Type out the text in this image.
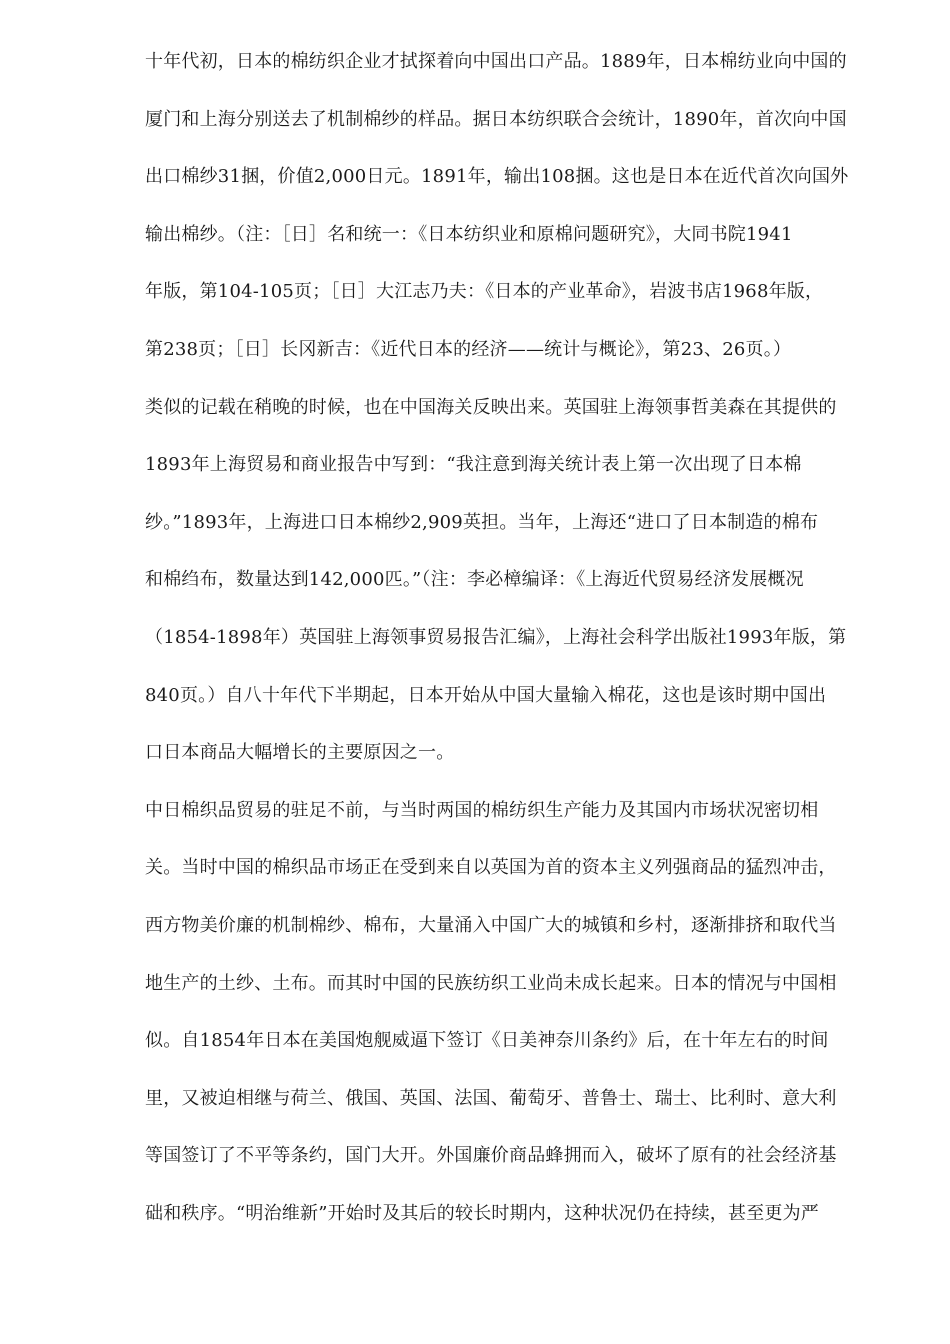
十年代初，日本的棉纺织企业才拭探着向中国出口产品。1889年，日本棉纺业向中国的
厦门和上海分别送去了机制棉纱的样品。据日本纺织联合会统计，1890年，首次向中国
出口棉纱31捆，价值2,000日元。1891年，输出108捆。这也是日本在近代首次向国外
输出棉纱。（注：［日］名和统一：《日本纺织业和原棉问题研究》，大同书院1941
年版，第104-105页；［日］大江志乃夫：《日本的产业革命》，岩波书店1968年版，
第238页；［日］长冈新吉：《近代日本的经济——统计与概论》，第23、26页。）
类似的记载在稍晚的时候，也在中国海关反映出来。英国驻上海领事哲美森在其提供的
1893年上海贸易和商业报告中写到：“我注意到海关统计表上第一次出现了日本棉
纱。”1893年，上海进口日本棉纱2,909英担。当年，上海还“进口了日本制造的棉布
和棉绉布，数量达到142,000匹。”（注：李必樟编译：《上海近代贸易经济发展概况
（1854-1898年）英国驻上海领事贸易报告汇编》，上海社会科学出版社1993年版，第
840页。）自八十年代下半期起，日本开始从中国大量输入棉花，这也是该时期中国出
口日本商品大幅增长的主要原因之一。
中日棉织品贸易的驻足不前，与当时两国的棉纺织生产能力及其国内市场状况密切相
关。当时中国的棉织品市场正在受到来自以英国为首的资本主义列强商品的猛烈冲击，
西方物美价廉的机制棉纱、棉布，大量涌入中国广大的城镇和乡村，逐渐排挤和取代当
地生产的土纱、土布。而其时中国的民族纺织工业尚未成长起来。日本的情况与中国相
似。自1854年日本在美国炮舰威逼下签订《日美神奈川条约》后，在十年左右的时间
里，又被迫相继与荷兰、俄国、英国、法国、葡萄牙、普鲁士、瑞士、比利时、意大利
等国签订了不平等条约，国门大开。外国廉价商品蜂拥而入，破坏了原有的社会经济基
础和秩序。“明治维新”开始时及其后的较长时期内，这种状况仍在持续，甚至更为严
